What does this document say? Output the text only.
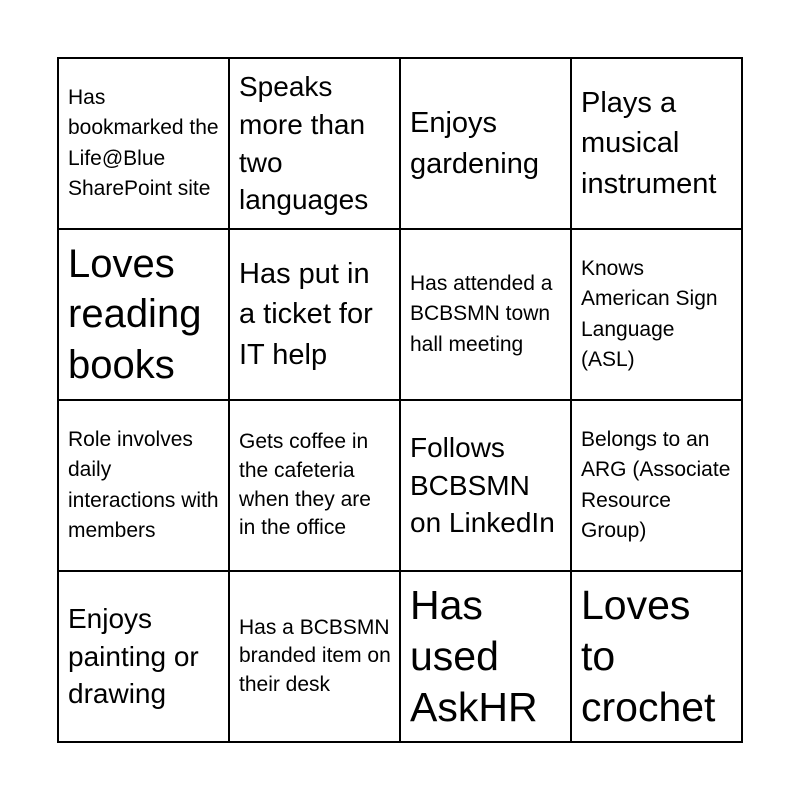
Has bookmarked the Life@Blue SharePoint site
Speaks more than two languages
Enjoys gardening
Plays a musical instrument
Loves reading books
Has put in a ticket for IT help
Has attended a BCBSMN town hall meeting
Knows American Sign Language (ASL)
Role involves daily interactions with members
Gets coffee in the cafeteria when they are in the office
Follows BCBSMN on LinkedIn
Belongs to an ARG (Associate Resource Group)
Enjoys painting or drawing
Has a BCBSMN branded item on their desk
Has used AskHR
Loves to crochet
